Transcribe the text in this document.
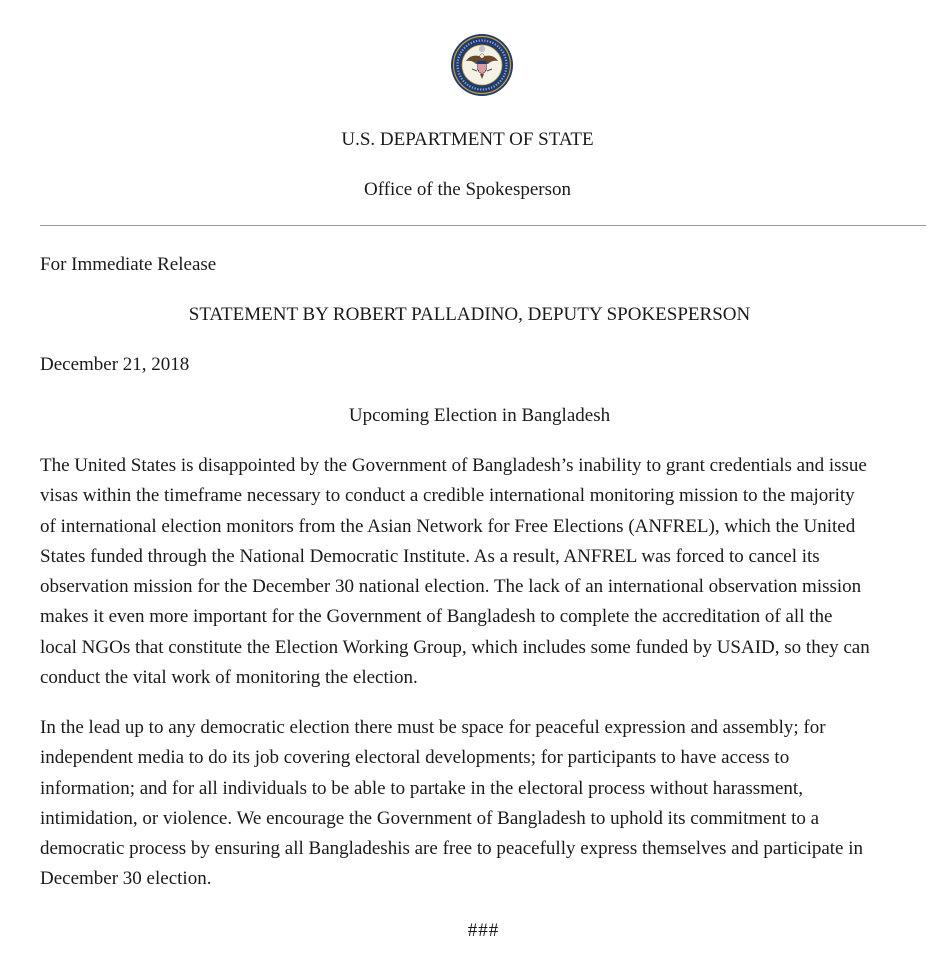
U.S. DEPARTMENT OF STATE
Office of the Spokesperson
For Immediate Release
STATEMENT BY ROBERT PALLADINO, DEPUTY SPOKESPERSON
December 21, 2018
Upcoming Election in Bangladesh
The United States is disappointed by the Government of Bangladesh’s inability to grant credentials and issue
visas within the timeframe necessary to conduct a credible international monitoring mission to the majority
of international election monitors from the Asian Network for Free Elections (ANFREL), which the United
States funded through the National Democratic Institute. As a result, ANFREL was forced to cancel its
observation mission for the December 30 national election. The lack of an international observation mission
makes it even more important for the Government of Bangladesh to complete the accreditation of all the
local NGOs that constitute the Election Working Group, which includes some funded by USAID, so they can
conduct the vital work of monitoring the election.
In the lead up to any democratic election there must be space for peaceful expression and assembly; for
independent media to do its job covering electoral developments; for participants to have access to
information; and for all individuals to be able to partake in the electoral process without harassment,
intimidation, or violence. We encourage the Government of Bangladesh to uphold its commitment to a
democratic process by ensuring all Bangladeshis are free to peacefully express themselves and participate in
December 30 election.
###
